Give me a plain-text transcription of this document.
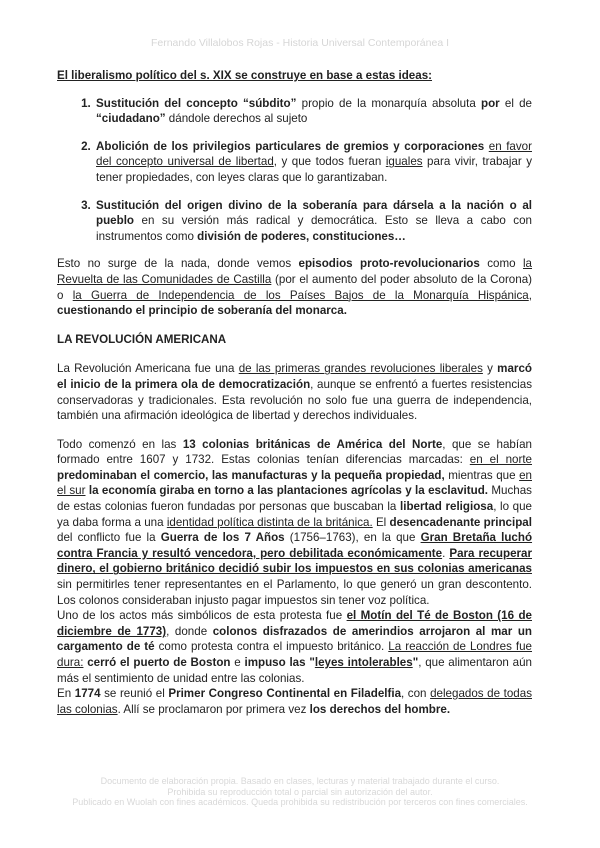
Fernando Villalobos Rojas - Historia Universal Contemporánea I

El liberalismo político del s. XIX se construye en base a estas ideas:

1. Sustitución del concepto “súbdito” propio de la monarquía absoluta por el de “ciudadano” dándole derechos al sujeto
2. Abolición de los privilegios particulares de gremios y corporaciones en favor del concepto universal de libertad, y que todos fueran iguales para vivir, trabajar y tener propiedades, con leyes claras que lo garantizaban.
3. Sustitución del origen divino de la soberanía para dársela a la nación o al pueblo en su versión más radical y democrática. Esto se lleva a cabo con instrumentos como división de poderes, constituciones…

Esto no surge de la nada, donde vemos episodios proto-revolucionarios como la Revuelta de las Comunidades de Castilla (por el aumento del poder absoluto de la Corona) o la Guerra de Independencia de los Países Bajos de la Monarquía Hispánica, cuestionando el principio de soberanía del monarca.

LA REVOLUCIÓN AMERICANA

La Revolución Americana fue una de las primeras grandes revoluciones liberales y marcó el inicio de la primera ola de democratización, aunque se enfrentó a fuertes resistencias conservadoras y tradicionales. Esta revolución no solo fue una guerra de independencia, también una afirmación ideológica de libertad y derechos individuales.

Todo comenzó en las 13 colonias británicas de América del Norte, que se habían formado entre 1607 y 1732. Estas colonias tenían diferencias marcadas: en el norte predominaban el comercio, las manufacturas y la pequeña propiedad, mientras que en el sur la economía giraba en torno a las plantaciones agrícolas y la esclavitud. Muchas de estas colonias fueron fundadas por personas que buscaban la libertad religiosa, lo que ya daba forma a una identidad política distinta de la británica. El desencadenante principal del conflicto fue la Guerra de los 7 Años (1756–1763), en la que Gran Bretaña luchó contra Francia y resultó vencedora, pero debilitada económicamente. Para recuperar dinero, el gobierno británico decidió subir los impuestos en sus colonias americanas sin permitirles tener representantes en el Parlamento, lo que generó un gran descontento. Los colonos consideraban injusto pagar impuestos sin tener voz política.

Uno de los actos más simbólicos de esta protesta fue el Motín del Té de Boston (16 de diciembre de 1773), donde colonos disfrazados de amerindios arrojaron al mar un cargamento de té como protesta contra el impuesto británico. La reacción de Londres fue dura: cerró el puerto de Boston e impuso las "leyes intolerables", que alimentaron aún más el sentimiento de unidad entre las colonias.

En 1774 se reunió el Primer Congreso Continental en Filadelfia, con delegados de todas las colonias. Allí se proclamaron por primera vez los derechos del hombre.

Documento de elaboración propia. Basado en clases, lecturas y material trabajado durante el curso.
Prohibida su reproducción total o parcial sin autorización del autor.
Publicado en Wuolah con fines académicos. Queda prohibida su redistribución por terceros con fines comerciales.
